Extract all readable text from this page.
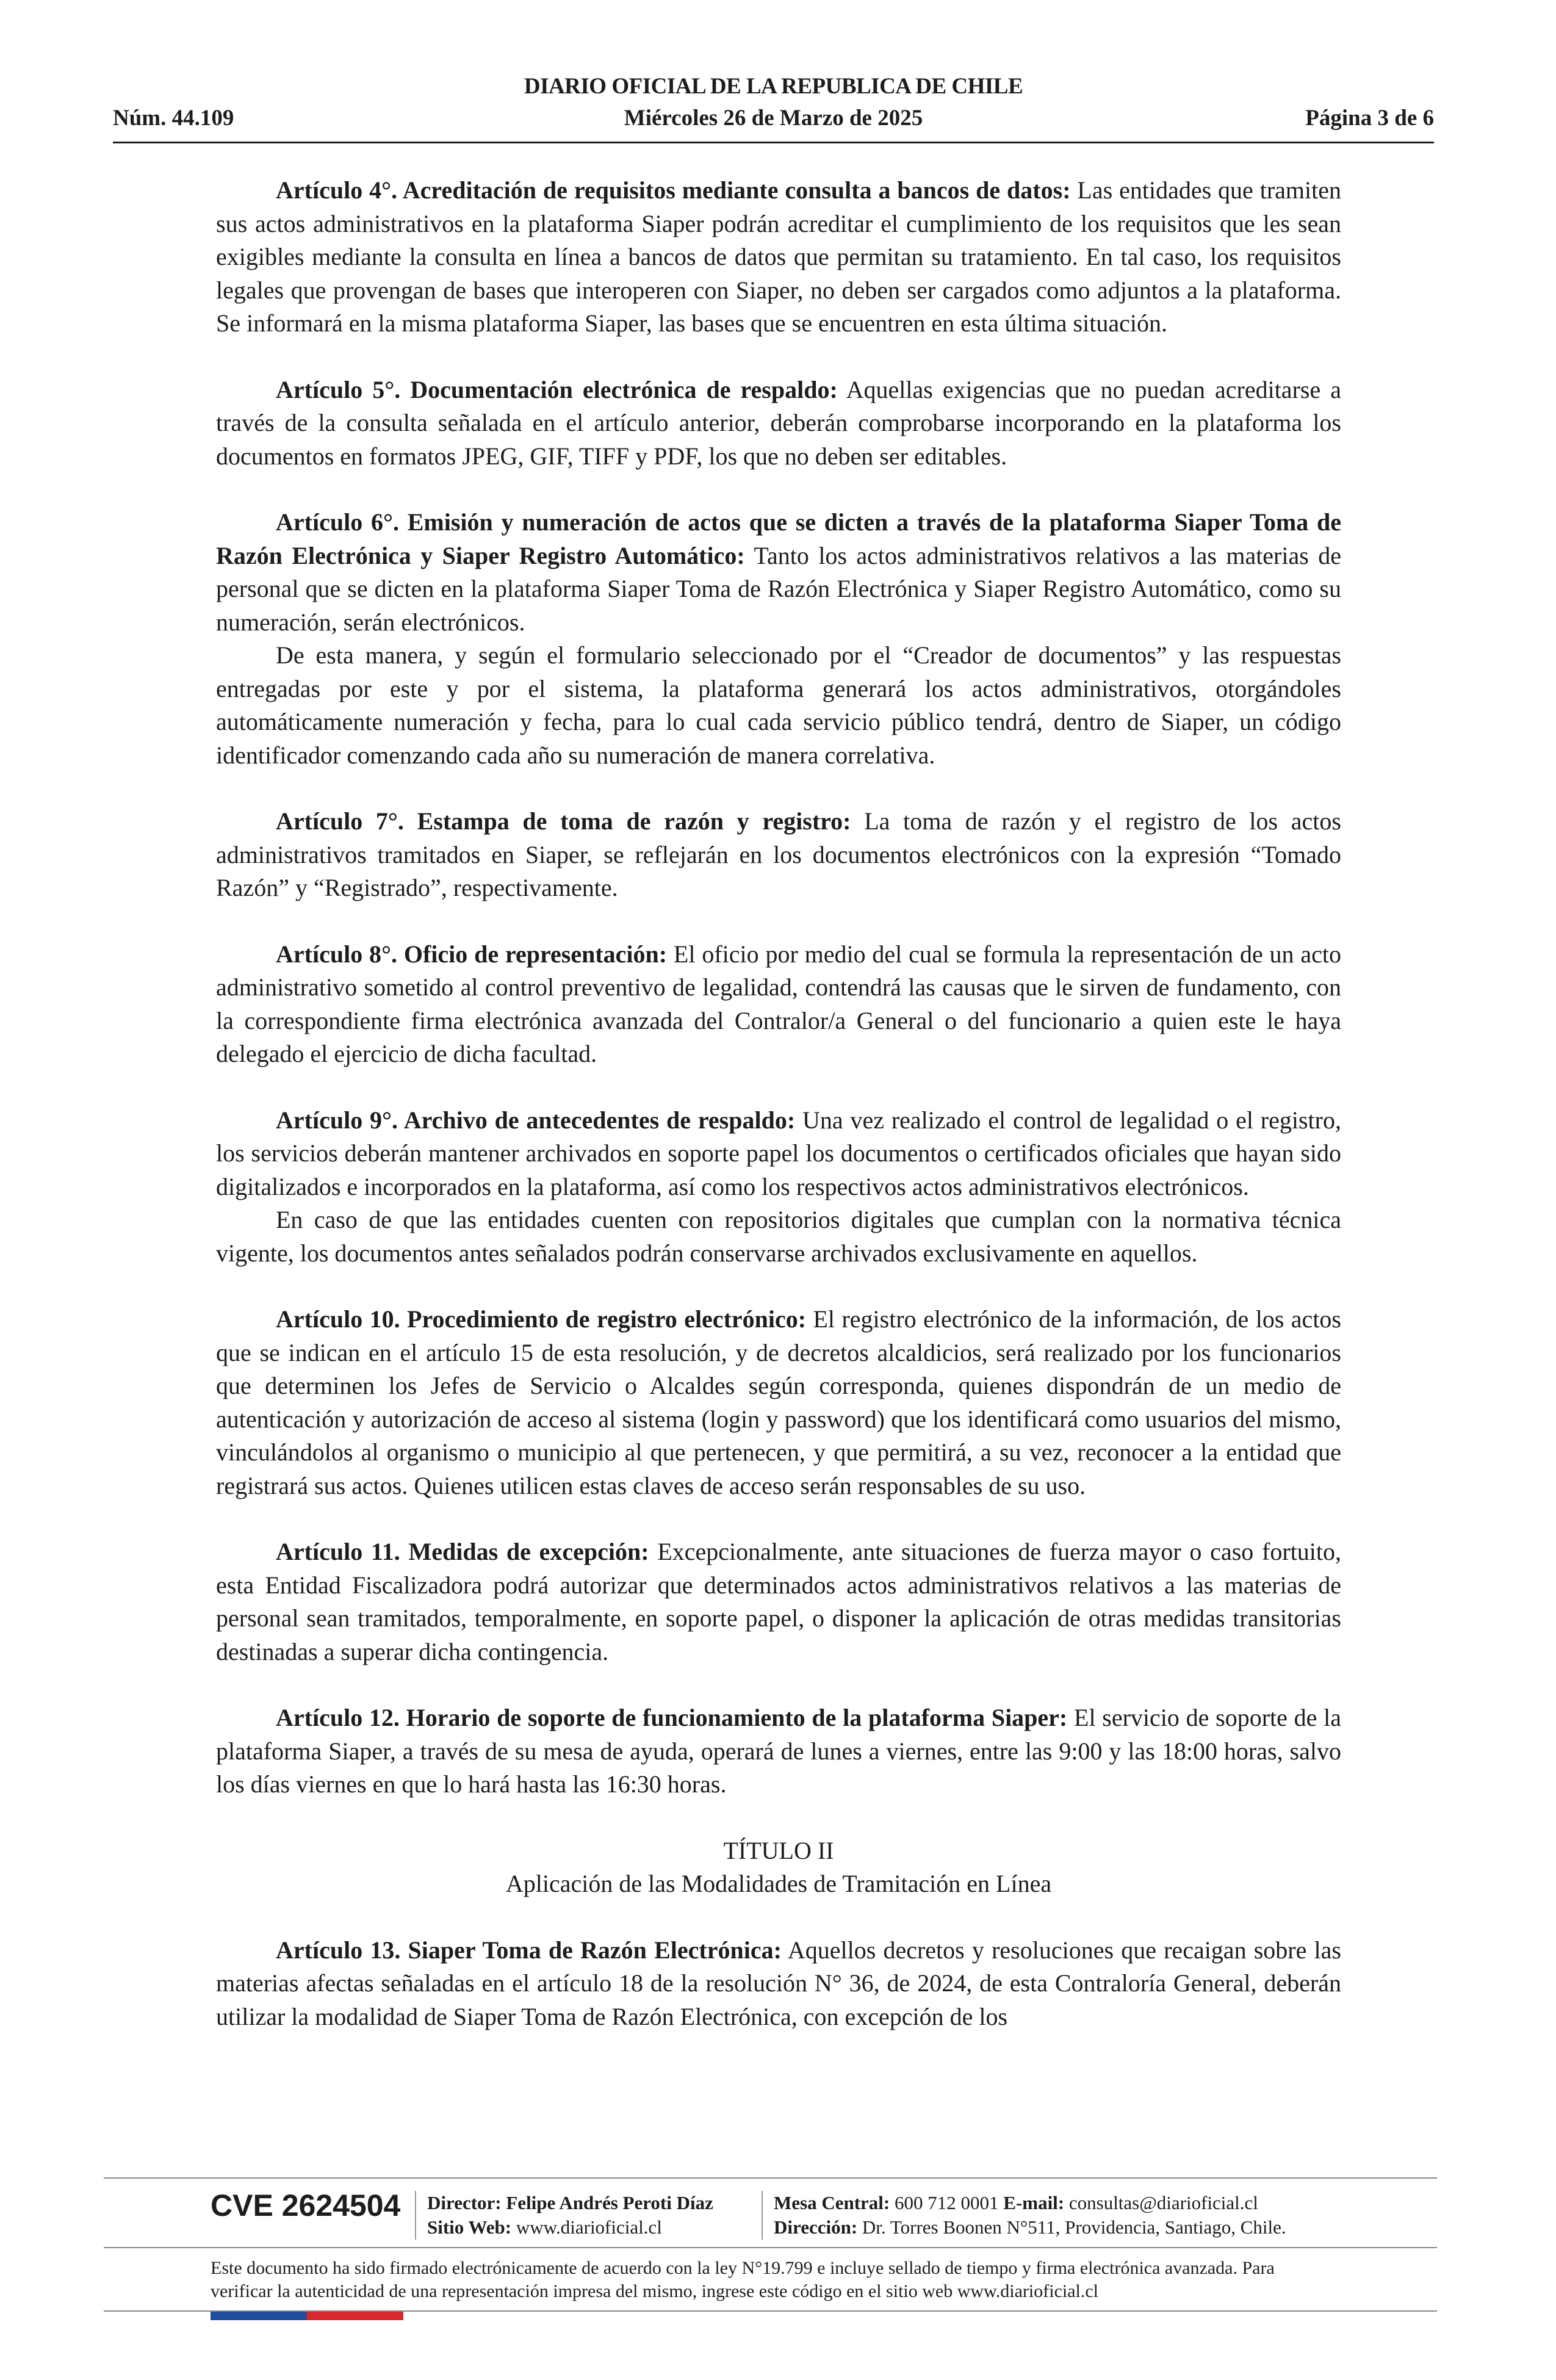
DIARIO OFICIAL DE LA REPUBLICA DE CHILE
Núm. 44.109	Miércoles 26 de Marzo de 2025	Página 3 de 6

Artículo 4°. Acreditación de requisitos mediante consulta a bancos de datos: Las entidades que tramiten sus actos administrativos en la plataforma Siaper podrán acreditar el cumplimiento de los requisitos que les sean exigibles mediante la consulta en línea a bancos de datos que permitan su tratamiento. En tal caso, los requisitos legales que provengan de bases que interoperen con Siaper, no deben ser cargados como adjuntos a la plataforma. Se informará en la misma plataforma Siaper, las bases que se encuentren en esta última situación.

Artículo 5°. Documentación electrónica de respaldo: Aquellas exigencias que no puedan acreditarse a través de la consulta señalada en el artículo anterior, deberán comprobarse incorporando en la plataforma los documentos en formatos JPEG, GIF, TIFF y PDF, los que no deben ser editables.

Artículo 6°. Emisión y numeración de actos que se dicten a través de la plataforma Siaper Toma de Razón Electrónica y Siaper Registro Automático: Tanto los actos administrativos relativos a las materias de personal que se dicten en la plataforma Siaper Toma de Razón Electrónica y Siaper Registro Automático, como su numeración, serán electrónicos.

De esta manera, y según el formulario seleccionado por el “Creador de documentos” y las respuestas entregadas por este y por el sistema, la plataforma generará los actos administrativos, otorgándoles automáticamente numeración y fecha, para lo cual cada servicio público tendrá, dentro de Siaper, un código identificador comenzando cada año su numeración de manera correlativa.

Artículo 7°. Estampa de toma de razón y registro: La toma de razón y el registro de los actos administrativos tramitados en Siaper, se reflejarán en los documentos electrónicos con la expresión “Tomado Razón” y “Registrado”, respectivamente.

Artículo 8°. Oficio de representación: El oficio por medio del cual se formula la representación de un acto administrativo sometido al control preventivo de legalidad, contendrá las causas que le sirven de fundamento, con la correspondiente firma electrónica avanzada del Contralor/a General o del funcionario a quien este le haya delegado el ejercicio de dicha facultad.

Artículo 9°. Archivo de antecedentes de respaldo: Una vez realizado el control de legalidad o el registro, los servicios deberán mantener archivados en soporte papel los documentos o certificados oficiales que hayan sido digitalizados e incorporados en la plataforma, así como los respectivos actos administrativos electrónicos.

En caso de que las entidades cuenten con repositorios digitales que cumplan con la normativa técnica vigente, los documentos antes señalados podrán conservarse archivados exclusivamente en aquellos.

Artículo 10. Procedimiento de registro electrónico: El registro electrónico de la información, de los actos que se indican en el artículo 15 de esta resolución, y de decretos alcaldicios, será realizado por los funcionarios que determinen los Jefes de Servicio o Alcaldes según corresponda, quienes dispondrán de un medio de autenticación y autorización de acceso al sistema (login y password) que los identificará como usuarios del mismo, vinculándolos al organismo o municipio al que pertenecen, y que permitirá, a su vez, reconocer a la entidad que registrará sus actos. Quienes utilicen estas claves de acceso serán responsables de su uso.

Artículo 11. Medidas de excepción: Excepcionalmente, ante situaciones de fuerza mayor o caso fortuito, esta Entidad Fiscalizadora podrá autorizar que determinados actos administrativos relativos a las materias de personal sean tramitados, temporalmente, en soporte papel, o disponer la aplicación de otras medidas transitorias destinadas a superar dicha contingencia.

Artículo 12. Horario de soporte de funcionamiento de la plataforma Siaper: El servicio de soporte de la plataforma Siaper, a través de su mesa de ayuda, operará de lunes a viernes, entre las 9:00 y las 18:00 horas, salvo los días viernes en que lo hará hasta las 16:30 horas.

TÍTULO II
Aplicación de las Modalidades de Tramitación en Línea

Artículo 13. Siaper Toma de Razón Electrónica: Aquellos decretos y resoluciones que recaigan sobre las materias afectas señaladas en el artículo 18 de la resolución N° 36, de 2024, de esta Contraloría General, deberán utilizar la modalidad de Siaper Toma de Razón Electrónica, con excepción de los

CVE 2624504 Director: Felipe Andrés Peroti Díaz
Sitio Web: www.diarioficial.cl
Mesa Central: 600 712 0001 E-mail: consultas@diarioficial.cl
Dirección: Dr. Torres Boonen N°511, Providencia, Santiago, Chile.
Este documento ha sido firmado electrónicamente de acuerdo con la ley N°19.799 e incluye sellado de tiempo y firma electrónica avanzada. Para verificar la autenticidad de una representación impresa del mismo, ingrese este código en el sitio web www.diarioficial.cl
